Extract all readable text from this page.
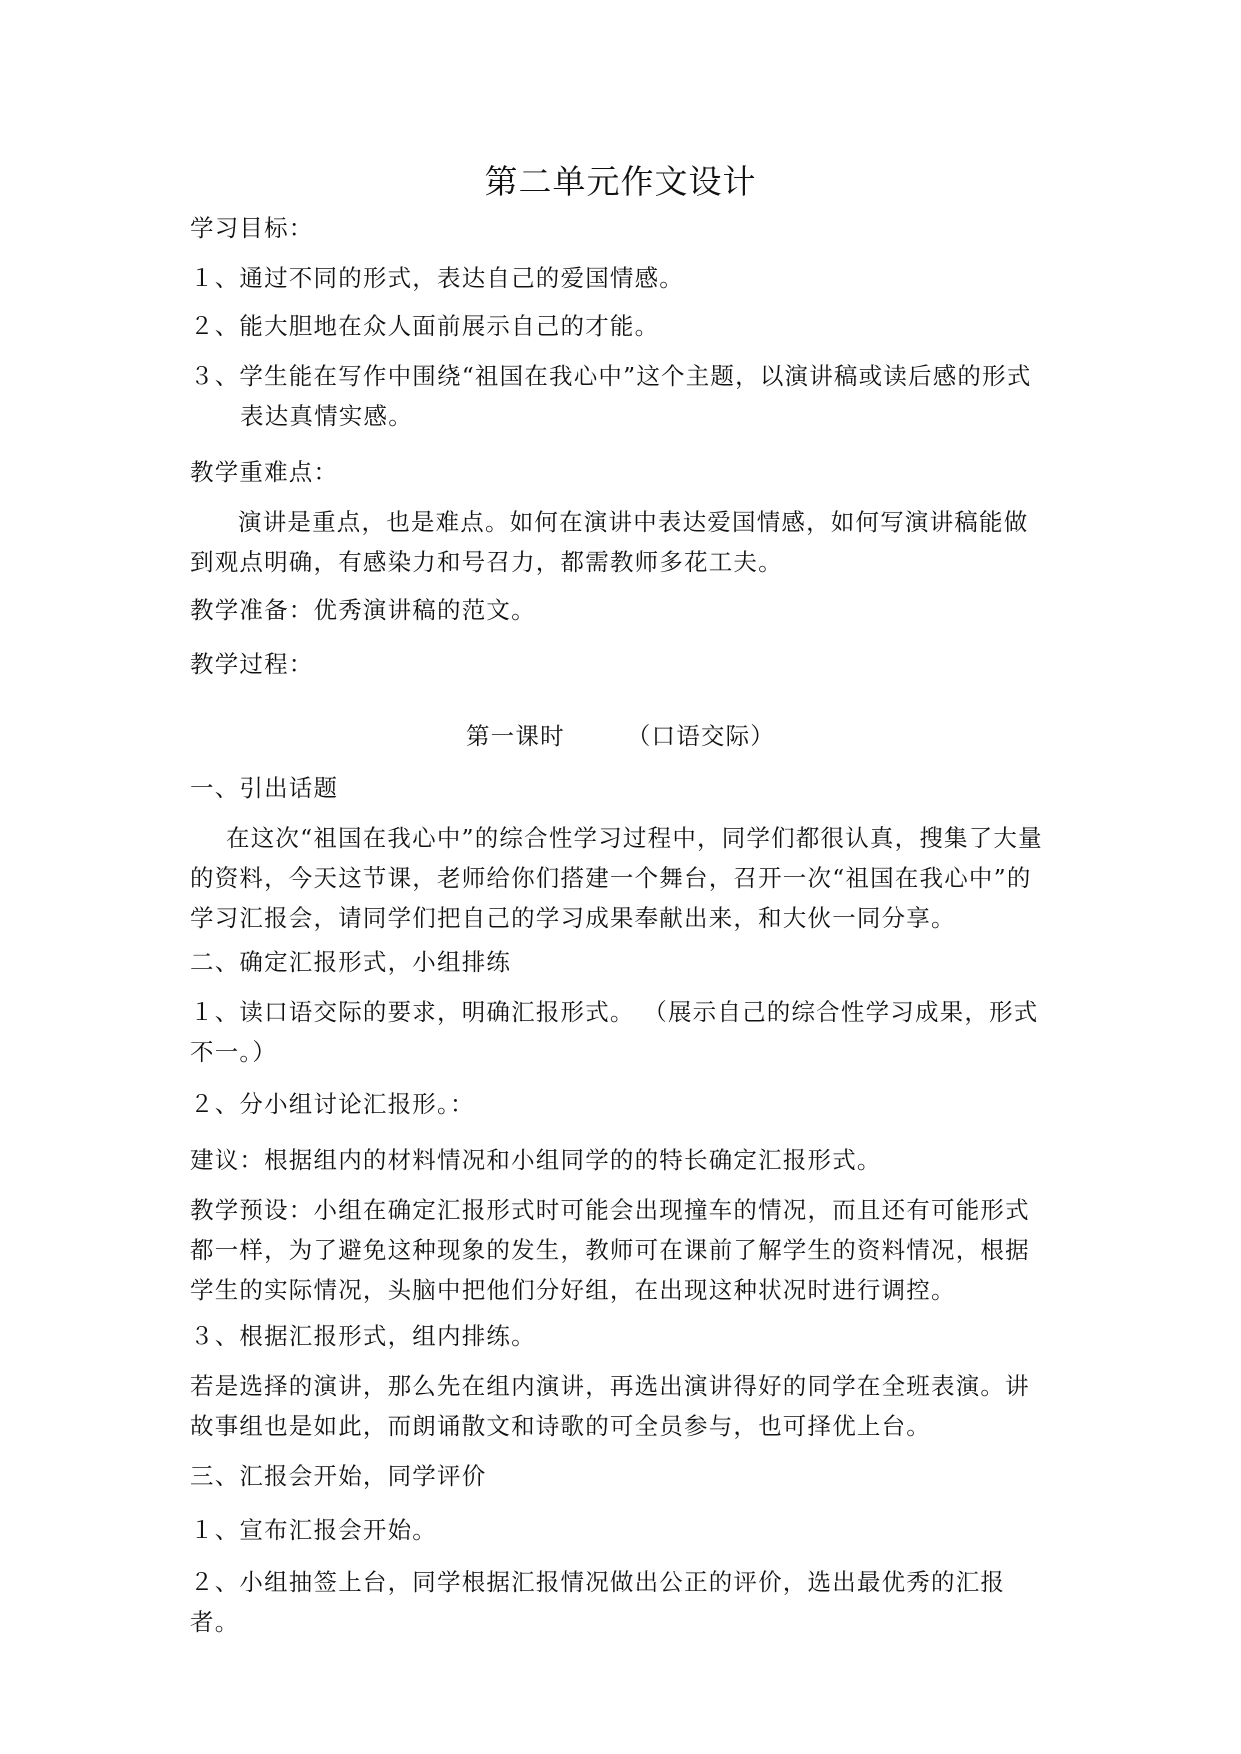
第二单元作文设计

学习目标：

１、通过不同的形式，表达自己的爱国情感。

２、能大胆地在众人面前展示自己的才能。

３、学生能在写作中围绕“祖国在我心中”这个主题，以演讲稿或读后感的形式表达真情实感。

教学重难点：

演讲是重点，也是难点。如何在演讲中表达爱国情感，如何写演讲稿能做到观点明确，有感染力和号召力，都需教师多花工夫。

教学准备：优秀演讲稿的范文。

教学过程：

第一课时	（口语交际）

一、引出话题

在这次“祖国在我心中”的综合性学习过程中，同学们都很认真，搜集了大量的资料，今天这节课，老师给你们搭建一个舞台，召开一次“祖国在我心中”的学习汇报会，请同学们把自己的学习成果奉献出来，和大伙一同分享。

二、确定汇报形式，小组排练

１、读口语交际的要求，明确汇报形式。 （展示自己的综合性学习成果，形式不一。）

２、分小组讨论汇报形。：

建议：根据组内的材料情况和小组同学的的特长确定汇报形式。

教学预设：小组在确定汇报形式时可能会出现撞车的情况，而且还有可能形式都一样，为了避免这种现象的发生，教师可在课前了解学生的资料情况，根据学生的实际情况，头脑中把他们分好组，在出现这种状况时进行调控。

３、根据汇报形式，组内排练。

若是选择的演讲，那么先在组内演讲，再选出演讲得好的同学在全班表演。讲故事组也是如此，而朗诵散文和诗歌的可全员参与，也可择优上台。

三、汇报会开始，同学评价

１、宣布汇报会开始。

２、小组抽签上台，同学根据汇报情况做出公正的评价，选出最优秀的汇报者。
